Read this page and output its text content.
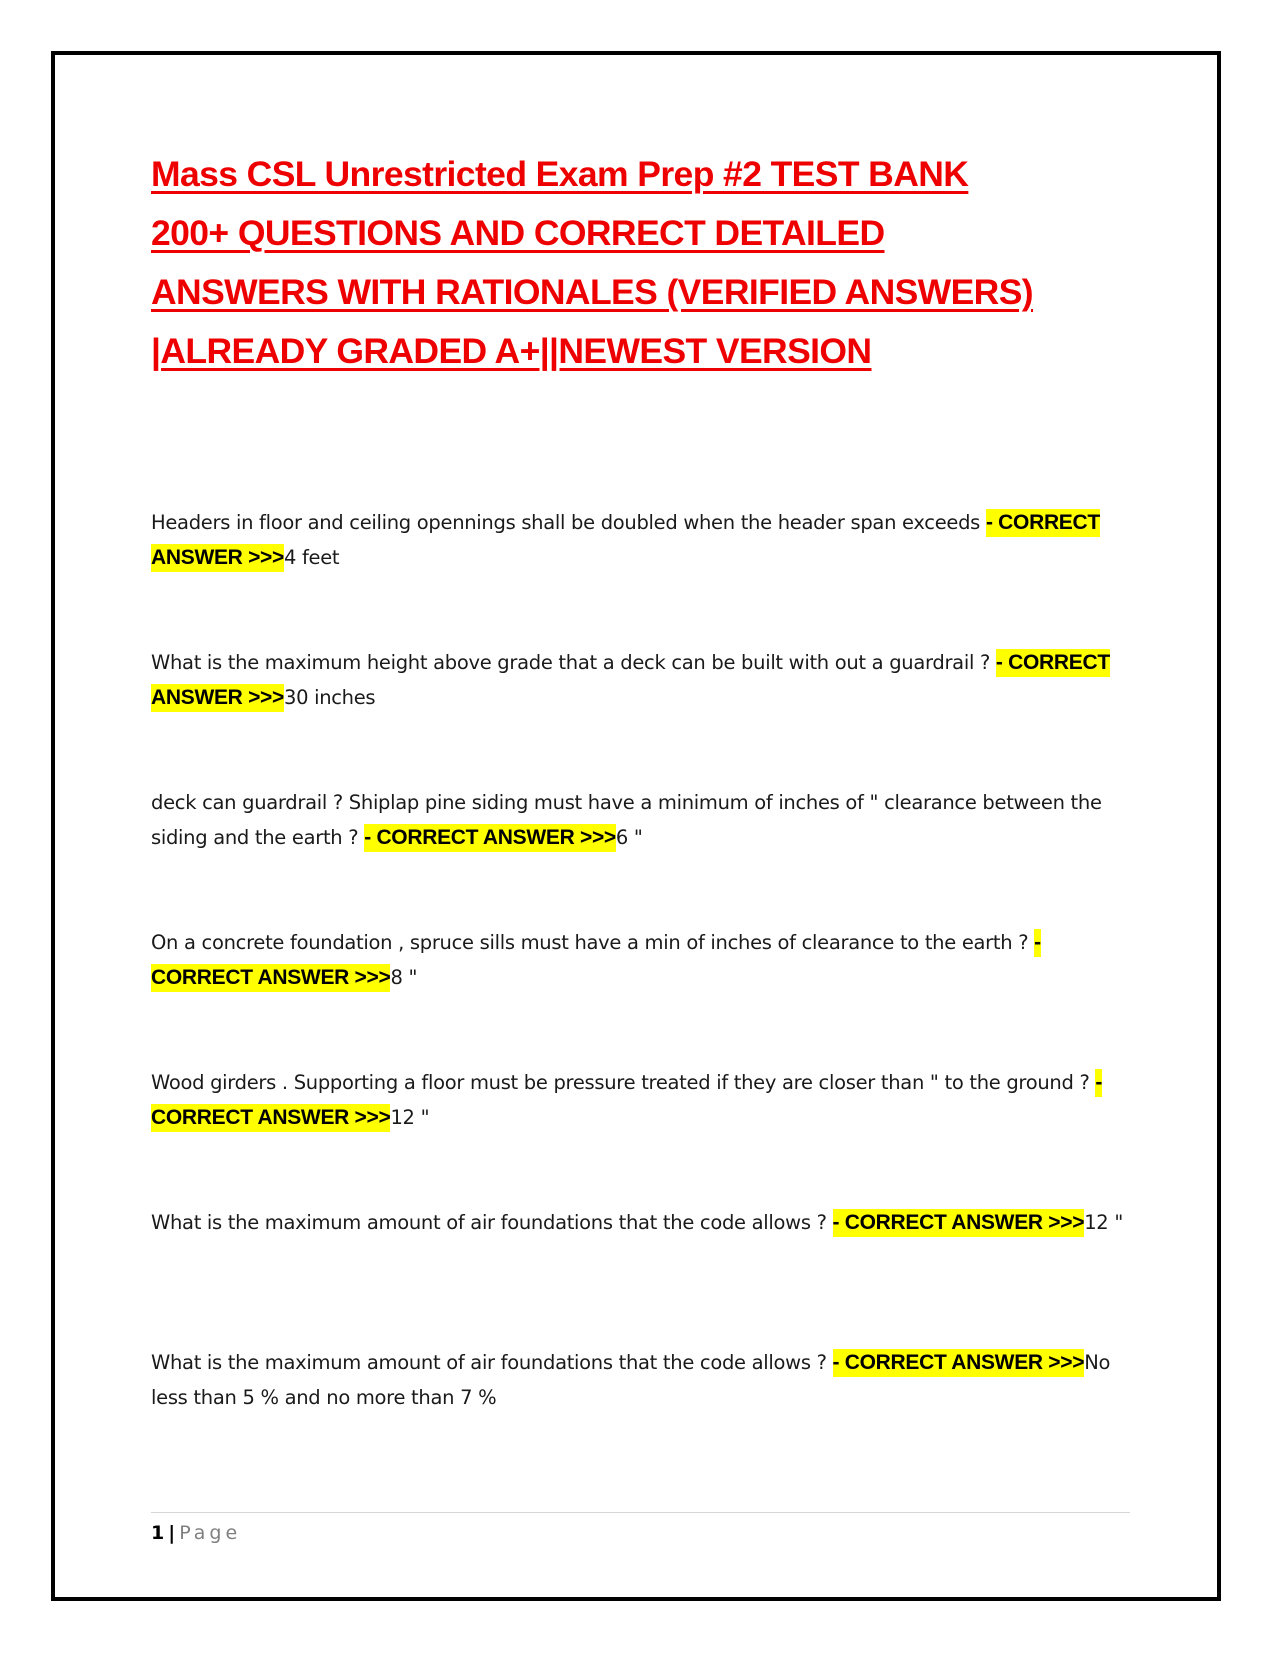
Mass CSL Unrestricted Exam Prep #2 TEST BANK
200+ QUESTIONS AND CORRECT DETAILED
ANSWERS WITH RATIONALES (VERIFIED ANSWERS)
|ALREADY GRADED A+||NEWEST VERSION
Headers in floor and ceiling opennings shall be doubled when the header span exceeds - CORRECT ANSWER >>>4 feet
What is the maximum height above grade that a deck can be built with out a guardrail ? - CORRECT ANSWER >>>30 inches
deck can guardrail ? Shiplap pine siding must have a minimum of inches of " clearance between the siding and the earth ? - CORRECT ANSWER >>>6 "
On a concrete foundation , spruce sills must have a min of inches of clearance to the earth ? - CORRECT ANSWER >>>8 "
Wood girders . Supporting a floor must be pressure treated if they are closer than " to the ground ? - CORRECT ANSWER >>>12 "
What is the maximum amount of air foundations that the code allows ? - CORRECT ANSWER >>>12 "
What is the maximum amount of air foundations that the code allows ? - CORRECT ANSWER >>>No less than 5 % and no more than 7 %
1 | Page
